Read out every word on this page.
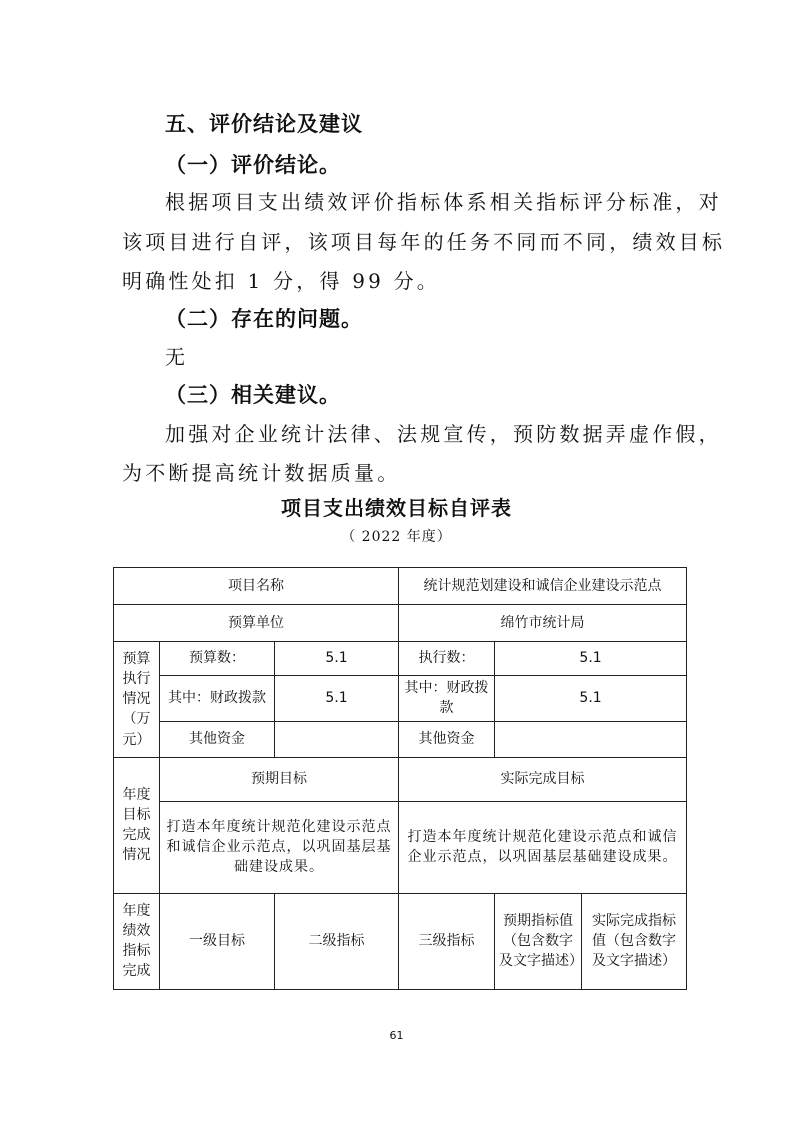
五、评价结论及建议
（一）评价结论。
根据项目支出绩效评价指标体系相关指标评分标准，对
该项目进行自评，该项目每年的任务不同而不同，绩效目标
明确性处扣 1 分，得 99 分。
（二）存在的问题。
无
（三）相关建议。
加强对企业统计法律、法规宣传，预防数据弄虚作假，
为不断提高统计数据质量。
项目支出绩效目标自评表
（ 2022 年度）
项目名称			统计规范划建设和诚信企业建设示范点		
预算单位			绵竹市统计局		
预算执行情况（万元）	预算数：	5.1	执行数：	5.1	
	其中：财政拨款	5.1	其中：财政拨款	5.1	
	其他资金		其他资金		
年度目标完成情况	预期目标		实际完成目标		
	打造本年度统计规范化建设示范点和诚信企业示范点，以巩固基层基础建设成果。		打造本年度统计规范化建设示范点和诚信企业示范点，以巩固基层基础建设成果。		
年度绩效指标完成	一级目标	二级指标	三级指标	预期指标值（包含数字及文字描述）	实际完成指标值（包含数字及文字描述）
61
